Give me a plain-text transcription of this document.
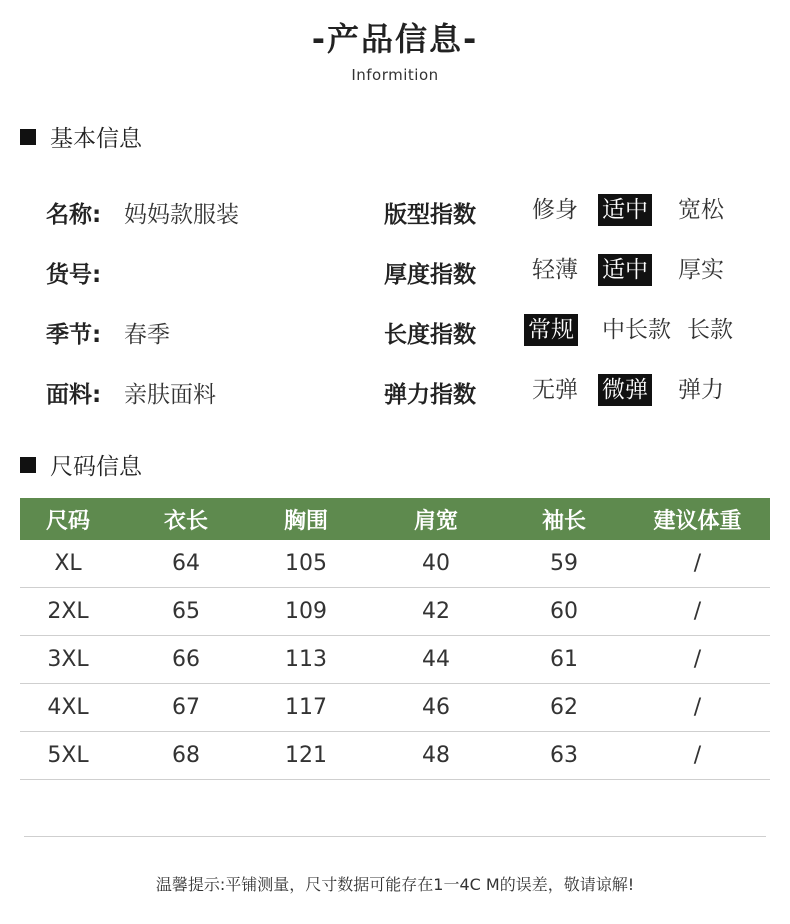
-产品信息-
Informition
基本信息
名称: 妈妈款服装	版型指数 修身 适中 宽松
货号:	厚度指数 轻薄 适中 厚实
季节: 春季	长度指数 常规 中长款 长款
面料: 亲肤面料	弹力指数 无弹 微弹 弹力
尺码信息
尺码	衣长	胸围	肩宽	袖长	建议体重
XL	64	105	40	59	/
2XL	65	109	42	60	/
3XL	66	113	44	61	/
4XL	67	117	46	62	/
5XL	68	121	48	63	/
温馨提示:平铺测量，尺寸数据可能存在1一4C M的误差，敬请谅解!
